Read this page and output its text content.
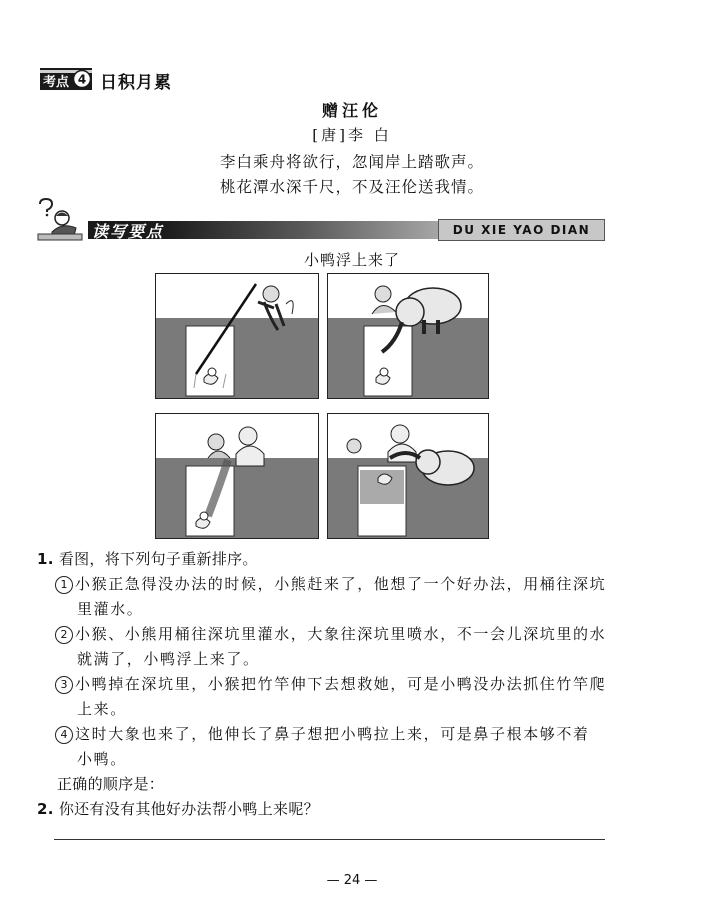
考点 4 日积月累
赠汪伦
[唐]李 白
李白乘舟将欲行，忽闻岸上踏歌声。
桃花潭水深千尺，不及汪伦送我情。
读写要点	DU XIE YAO DIAN
小鸭浮上来了
1. 看图，将下列句子重新排序。
1 小猴正急得没办法的时候，小熊赶来了，他想了一个好办法，用桶往深坑
里灌水。
2 小猴、小熊用桶往深坑里灌水，大象往深坑里喷水，不一会儿深坑里的水
就满了，小鸭浮上来了。
3 小鸭掉在深坑里，小猴把竹竿伸下去想救她，可是小鸭没办法抓住竹竿爬
上来。
4 这时大象也来了，他伸长了鼻子想把小鸭拉上来，可是鼻子根本够不着
小鸭。
正确的顺序是：
2. 你还有没有其他好办法帮小鸭上来呢？
— 24 —
